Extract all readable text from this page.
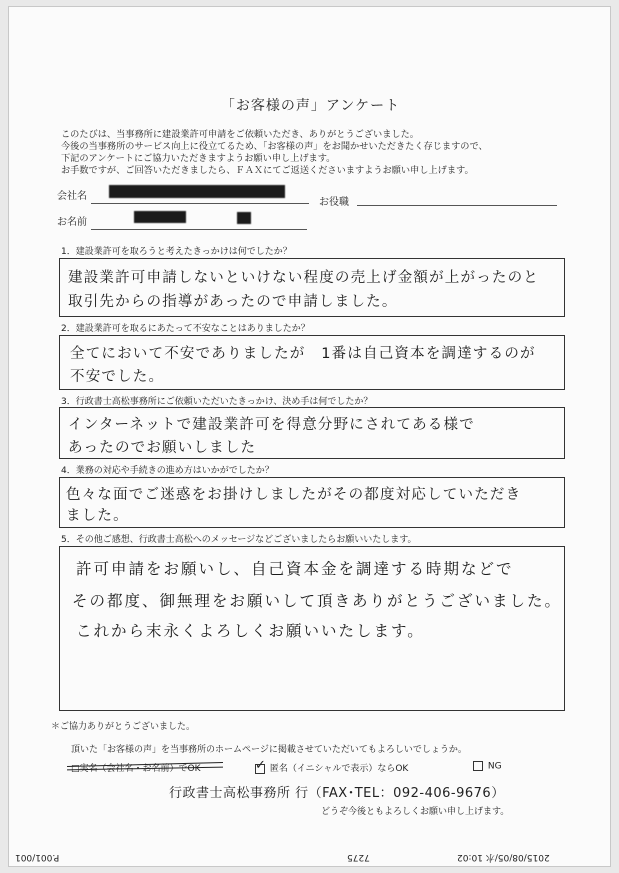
「お客様の声」アンケート
このたびは、当事務所に建設業許可申請をご依頼いただき、ありがとうございました。
今後の当事務所のサービス向上に役立てるため、「お客様の声」をお聞かせいただきたく存じますので、
下記のアンケートにご協力いただきますようお願い申し上げます。
お手数ですが、ご回答いただきましたら、ＦＡＸにてご返送くださいますようお願い申し上げます。
会社名
お役職
お名前
1．建設業許可を取ろうと考えたきっかけは何でしたか？
建設業許可申請しないといけない程度の売上げ金額が上がったのと
取引先からの指導があったので申請しました。
2．建設業許可を取るにあたって不安なことはありましたか？
全てにおいて不安でありましたが　1番は自己資本を調達するのが
不安でした。
3．行政書士高松事務所にご依頼いただいたきっかけ、決め手は何でしたか？
インターネットで建設業許可を得意分野にされてある様で
あったのでお願いしました
4．業務の対応や手続きの進め方はいかがでしたか？
色々な面でご迷惑をお掛けしましたがその都度対応していただき
ました。
5．その他ご感想、行政書士高松へのメッセージなどございましたらお願いいたします。
許可申請をお願いし、自己資本金を調達する時期などで
その都度、御無理をお願いして頂きありがとうございました。
これから末永くよろしくお願いいたします。
＊ご協力ありがとうございました。
頂いた「お客様の声」を当事務所のホームページに掲載させていただいてもよろしいでしょうか。
□実名（会社名・お名前）でOK	✓ 匿名（イニシャルで表示）ならOK	NG
行政書士高松事務所 行（FAX･TEL：092-406-9676）
どうぞ今後ともよろしくお願い申し上げます。
2015/08/05/水 10:02
7275
P.001/001
